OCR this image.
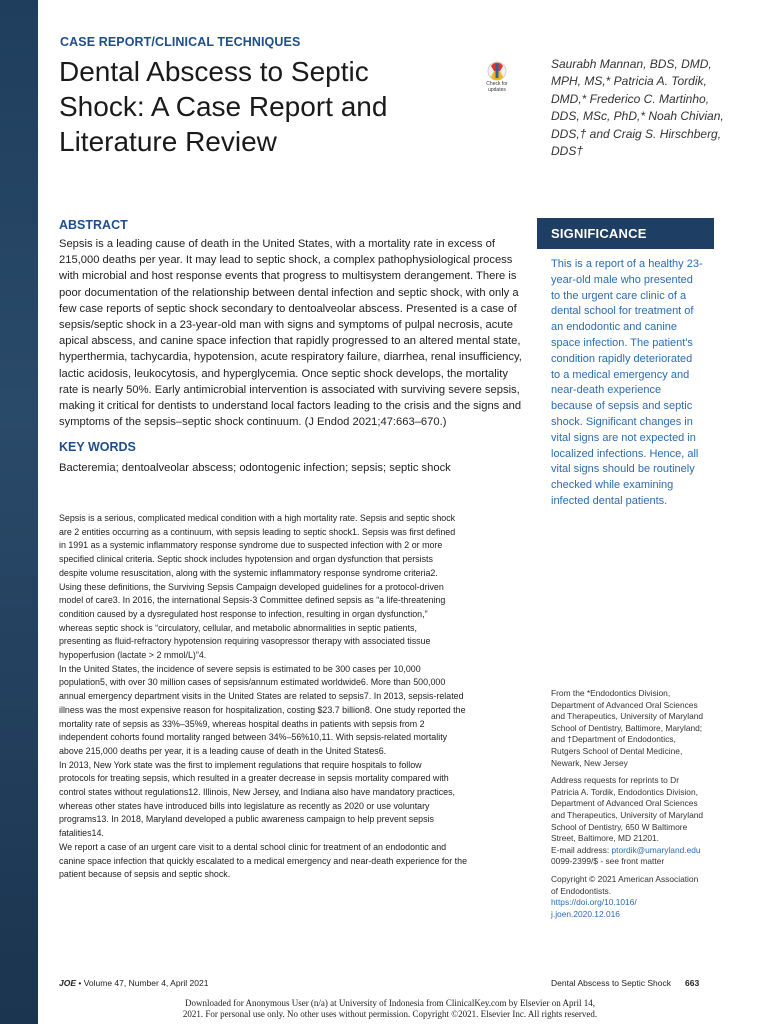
CASE REPORT/CLINICAL TECHNIQUES
Dental Abscess to Septic
Shock: A Case Report and
Literature Review
Check for updates
Saurabh Mannan, BDS, DMD,
MPH, MS,* Patricia A. Tordik,
DMD,* Frederico C. Martinho,
DDS, MSc, PhD,* Noah Chivian,
DDS,† and Craig S. Hirschberg,
DDS†
ABSTRACT
Sepsis is a leading cause of death in the United States, with a mortality rate in excess of
215,000 deaths per year. It may lead to septic shock, a complex pathophysiological process
with microbial and host response events that progress to multisystem derangement. There is
poor documentation of the relationship between dental infection and septic shock, with only a
few case reports of septic shock secondary to dentoalveolar abscess. Presented is a case of
sepsis/septic shock in a 23-year-old man with signs and symptoms of pulpal necrosis, acute
apical abscess, and canine space infection that rapidly progressed to an altered mental state,
hyperthermia, tachycardia, hypotension, acute respiratory failure, diarrhea, renal insufficiency,
lactic acidosis, leukocytosis, and hyperglycemia. Once septic shock develops, the mortality
rate is nearly 50%. Early antimicrobial intervention is associated with surviving severe sepsis,
making it critical for dentists to understand local factors leading to the crisis and the signs and
symptoms of the sepsis–septic shock continuum. (J Endod 2021;47:663–670.)
KEY WORDS
Bacteremia; dentoalveolar abscess; odontogenic infection; sepsis; septic shock
SIGNIFICANCE
This is a report of a healthy 23-
year-old male who presented
to the urgent care clinic of a
dental school for treatment of
an endodontic and canine
space infection. The patient's
condition rapidly deteriorated
to a medical emergency and
near-death experience
because of sepsis and septic
shock. Significant changes in
vital signs are not expected in
localized infections. Hence, all
vital signs should be routinely
checked while examining
infected dental patients.
Sepsis is a serious, complicated medical condition with a high mortality rate. Sepsis and septic shock
are 2 entities occurring as a continuum, with sepsis leading to septic shock1. Sepsis was first defined
in 1991 as a systemic inflammatory response syndrome due to suspected infection with 2 or more
specified clinical criteria. Septic shock includes hypotension and organ dysfunction that persists
despite volume resuscitation, along with the systemic inflammatory response syndrome criteria2.
Using these definitions, the Surviving Sepsis Campaign developed guidelines for a protocol-driven
model of care3. In 2016, the international Sepsis-3 Committee defined sepsis as “a life-threatening
condition caused by a dysregulated host response to infection, resulting in organ dysfunction,”
whereas septic shock is “circulatory, cellular, and metabolic abnormalities in septic patients,
presenting as fluid-refractory hypotension requiring vasopressor therapy with associated tissue
hypoperfusion (lactate > 2 mmol/L)”4.
In the United States, the incidence of severe sepsis is estimated to be 300 cases per 10,000
population5, with over 30 million cases of sepsis/annum estimated worldwide6. More than 500,000
annual emergency department visits in the United States are related to sepsis7. In 2013, sepsis-related
illness was the most expensive reason for hospitalization, costing $23.7 billion8. One study reported the
mortality rate of sepsis as 33%–35%9, whereas hospital deaths in patients with sepsis from 2
independent cohorts found mortality ranged between 34%–56%10,11. With sepsis-related mortality
above 215,000 deaths per year, it is a leading cause of death in the United States6.
In 2013, New York state was the first to implement regulations that require hospitals to follow
protocols for treating sepsis, which resulted in a greater decrease in sepsis mortality compared with
control states without regulations12. Illinois, New Jersey, and Indiana also have mandatory practices,
whereas other states have introduced bills into legislature as recently as 2020 or use voluntary
programs13. In 2018, Maryland developed a public awareness campaign to help prevent sepsis
fatalities14.
We report a case of an urgent care visit to a dental school clinic for treatment of an endodontic and
canine space infection that quickly escalated to a medical emergency and near-death experience for the
patient because of sepsis and septic shock.
From the *Endodontics Division,
Department of Advanced Oral Sciences
and Therapeutics, University of Maryland
School of Dentistry, Baltimore, Maryland;
and †Department of Endodontics,
Rutgers School of Dental Medicine,
Newark, New Jersey
Address requests for reprints to Dr
Patricia A. Tordik, Endodontics Division,
Department of Advanced Oral Sciences
and Therapeutics, University of Maryland
School of Dentistry, 650 W Baltimore
Street, Baltimore, MD 21201.
E-mail address: ptordik@umaryland.edu
0099-2399/$ - see front matter
Copyright © 2021 American Association
of Endodontists.
https://doi.org/10.1016/
j.joen.2020.12.016
JOE • Volume 47, Number 4, April 2021	Dental Abscess to Septic Shock 663
Downloaded for Anonymous User (n/a) at University of Indonesia from ClinicalKey.com by Elsevier on April 14,
2021. For personal use only. No other uses without permission. Copyright ©2021. Elsevier Inc. All rights reserved.
